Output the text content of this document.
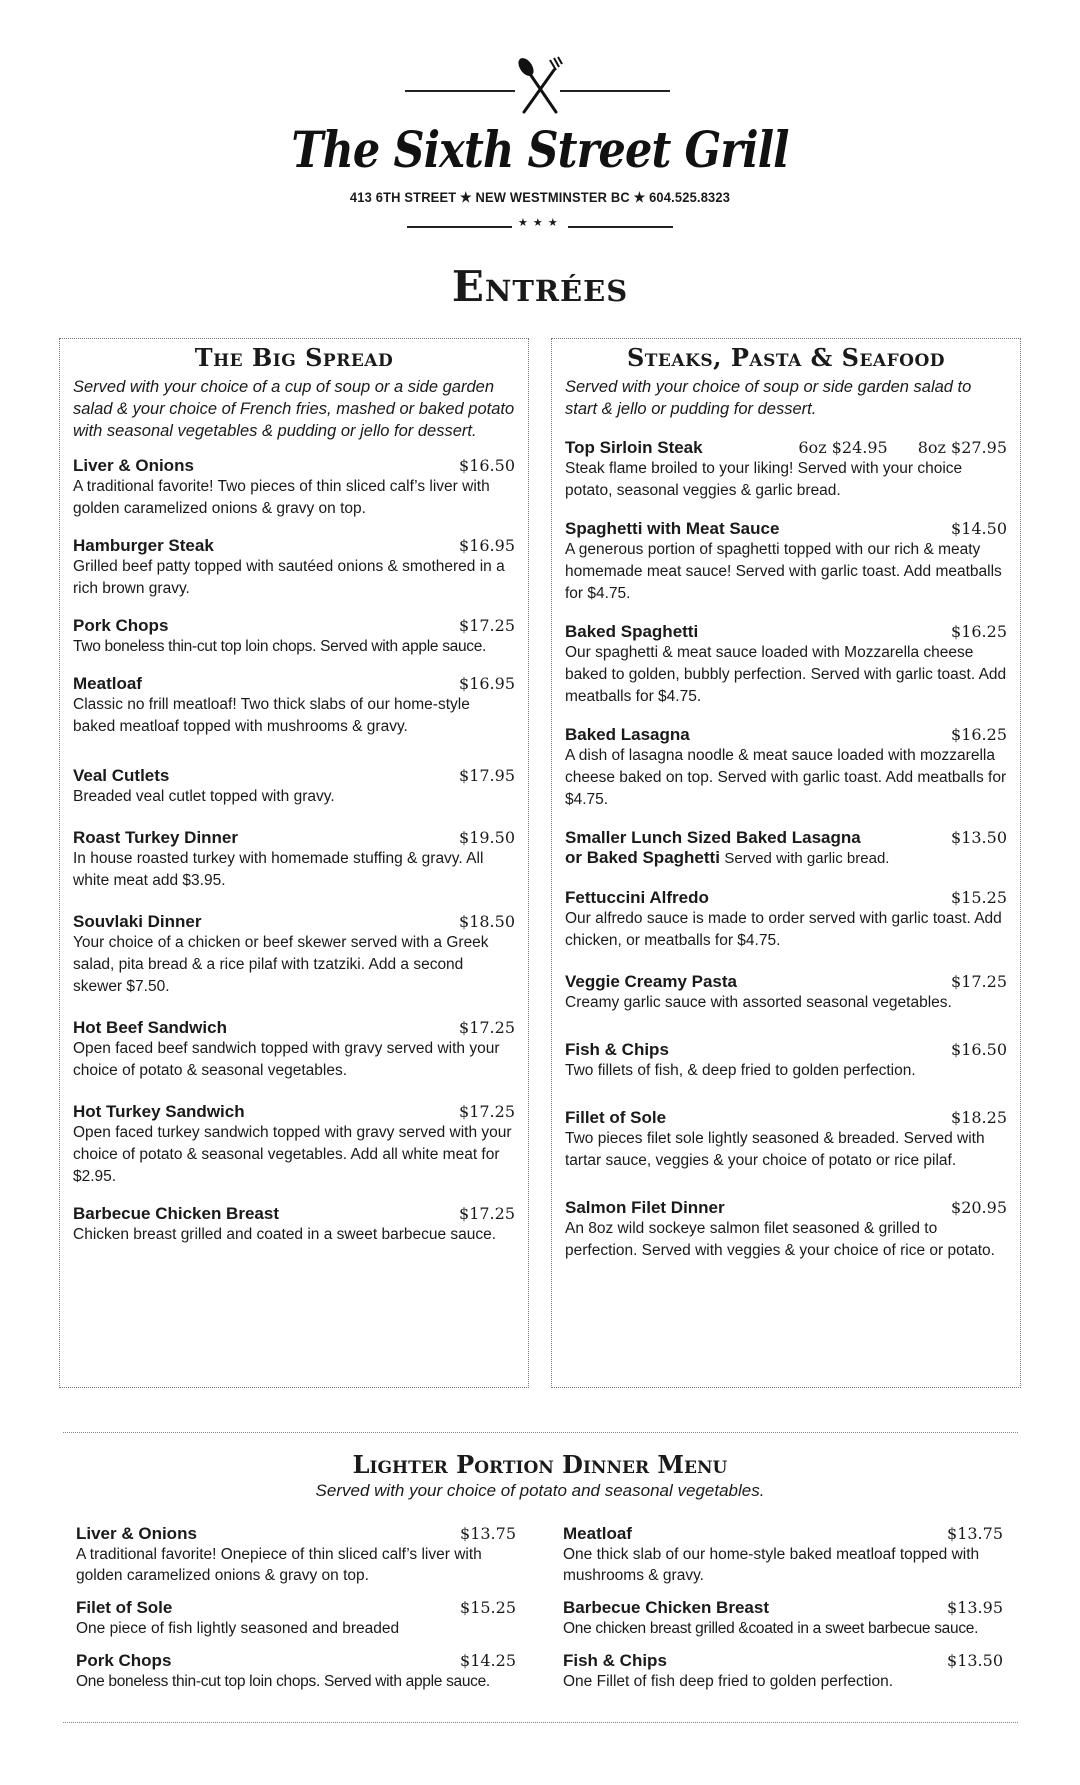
The Sixth Street Grill
413 6TH STREET ★ NEW WESTMINSTER BC ★ 604.525.8323
★ ★ ★
Entrées
The Big Spread
Served with your choice of a cup of soup or a side garden salad & your choice of French fries, mashed or baked potato with seasonal vegetables & pudding or jello for dessert.
Liver & Onions	$16.50
A traditional favorite! Two pieces of thin sliced calf’s liver with golden caramelized onions & gravy on top.
Hamburger Steak	$16.95
Grilled beef patty topped with sautéed onions & smothered in a rich brown gravy.
Pork Chops	$17.25
Two boneless thin-cut top loin chops. Served with apple sauce.
Meatloaf	$16.95
Classic no frill meatloaf! Two thick slabs of our home-style baked meatloaf topped with mushrooms & gravy.
Veal Cutlets	$17.95
Breaded veal cutlet topped with gravy.
Roast Turkey Dinner	$19.50
In house roasted turkey with homemade stuffing & gravy. All white meat add $3.95.
Souvlaki Dinner	$18.50
Your choice of a chicken or beef skewer served with a Greek salad, pita bread & a rice pilaf with tzatziki. Add a second skewer $7.50.
Hot Beef Sandwich	$17.25
Open faced beef sandwich topped with gravy served with your choice of potato & seasonal vegetables.
Hot Turkey Sandwich	$17.25
Open faced turkey sandwich topped with gravy served with your choice of potato & seasonal vegetables. Add all white meat for $2.95.
Barbecue Chicken Breast	$17.25
Chicken breast grilled and coated in a sweet barbecue sauce.
Steaks, Pasta & Seafood
Served with your choice of soup or side garden salad to start & jello or pudding for dessert.
Top Sirloin Steak	6oz $24.95 8oz $27.95
Steak flame broiled to your liking! Served with your choice potato, seasonal veggies & garlic bread.
Spaghetti with Meat Sauce	$14.50
A generous portion of spaghetti topped with our rich & meaty homemade meat sauce! Served with garlic toast. Add meatballs for $4.75.
Baked Spaghetti	$16.25
Our spaghetti & meat sauce loaded with Mozzarella cheese baked to golden, bubbly perfection. Served with garlic toast. Add meatballs for $4.75.
Baked Lasagna	$16.25
A dish of lasagna noodle & meat sauce loaded with mozzarella cheese baked on top. Served with garlic toast. Add meatballs for $4.75.
Smaller Lunch Sized Baked Lasagna	$13.50
or Baked Spaghetti Served with garlic bread.
Fettuccini Alfredo	$15.25
Our alfredo sauce is made to order served with garlic toast. Add chicken, or meatballs for $4.75.
Veggie Creamy Pasta	$17.25
Creamy garlic sauce with assorted seasonal vegetables.
Fish & Chips	$16.50
Two fillets of fish, & deep fried to golden perfection.
Fillet of Sole	$18.25
Two pieces filet sole lightly seasoned & breaded. Served with tartar sauce, veggies & your choice of potato or rice pilaf.
Salmon Filet Dinner	$20.95
An 8oz wild sockeye salmon filet seasoned & grilled to perfection. Served with veggies & your choice of rice or potato.
Lighter Portion Dinner Menu
Served with your choice of potato and seasonal vegetables.
Liver & Onions	$13.75
A traditional favorite! Onepiece of thin sliced calf’s liver with golden caramelized onions & gravy on top.
Filet of Sole	$15.25
One piece of fish lightly seasoned and breaded
Pork Chops	$14.25
One boneless thin-cut top loin chops. Served with apple sauce.
Meatloaf	$13.75
One thick slab of our home-style baked meatloaf topped with mushrooms & gravy.
Barbecue Chicken Breast	$13.95
One chicken breast grilled &coated in a sweet barbecue sauce.
Fish & Chips	$13.50
One Fillet of fish deep fried to golden perfection.
